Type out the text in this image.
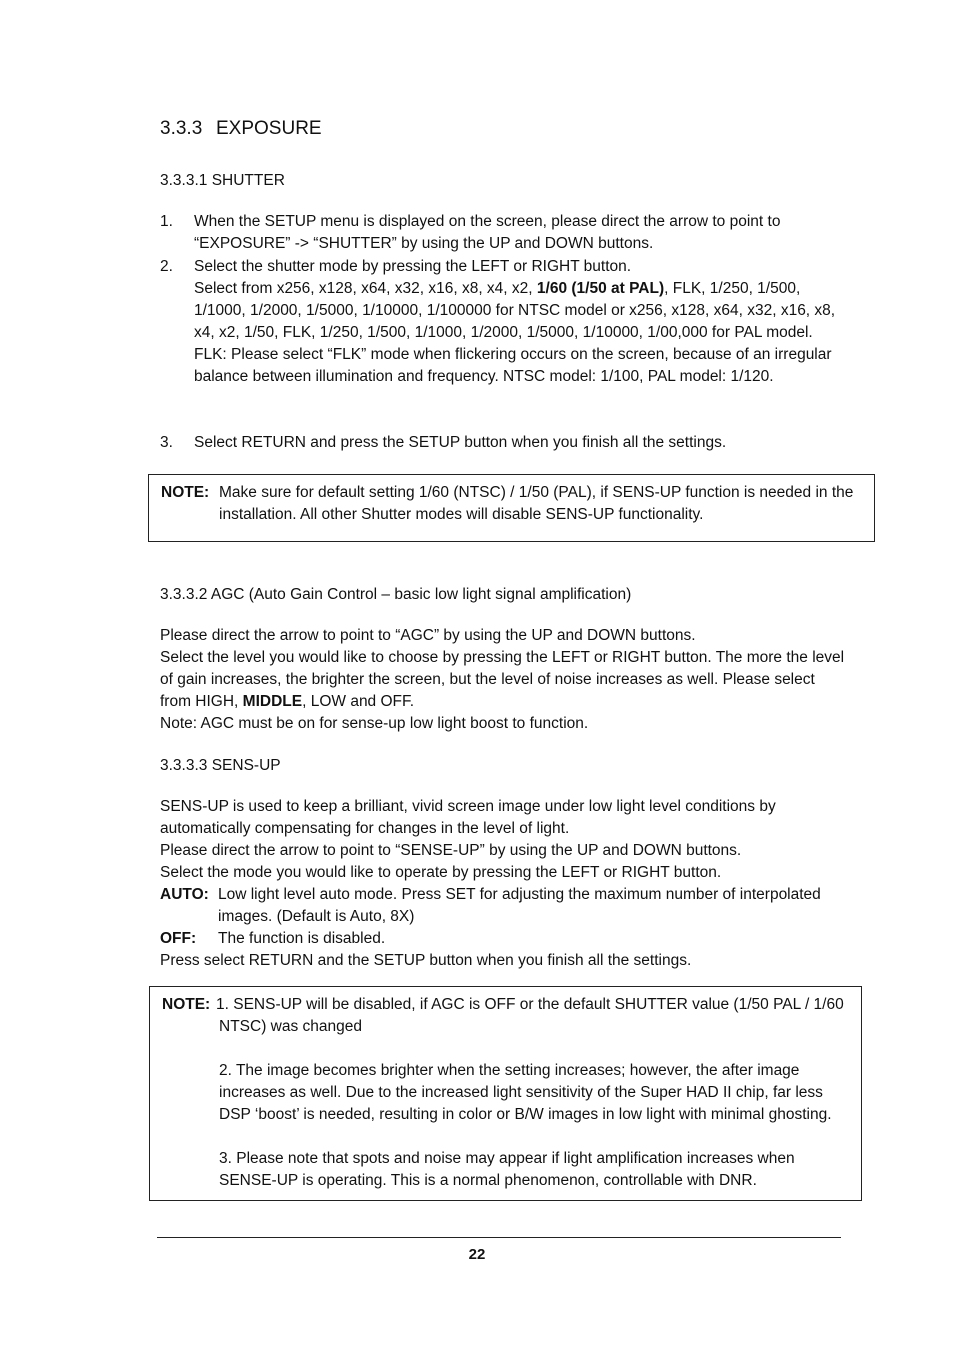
3.3.3 EXPOSURE
3.3.3.1 SHUTTER
1. When the SETUP menu is displayed on the screen, please direct the arrow to point to “EXPOSURE” -> “SHUTTER” by using the UP and DOWN buttons.
2. Select the shutter mode by pressing the LEFT or RIGHT button.
Select from x256, x128, x64, x32, x16, x8, x4, x2, 1/60 (1/50 at PAL), FLK, 1/250, 1/500, 1/1000, 1/2000, 1/5000, 1/10000, 1/100000 for NTSC model or x256, x128, x64, x32, x16, x8, x4, x2, 1/50, FLK, 1/250, 1/500, 1/1000, 1/2000, 1/5000, 1/10000, 1/00,000 for PAL model.
FLK: Please select “FLK” mode when flickering occurs on the screen, because of an irregular balance between illumination and frequency. NTSC model: 1/100, PAL model: 1/120.
3. Select RETURN and press the SETUP button when you finish all the settings.
NOTE: Make sure for default setting 1/60 (NTSC) / 1/50 (PAL), if SENS-UP function is needed in the installation. All other Shutter modes will disable SENS-UP functionality.
3.3.3.2 AGC (Auto Gain Control – basic low light signal amplification)
Please direct the arrow to point to “AGC” by using the UP and DOWN buttons.
Select the level you would like to choose by pressing the LEFT or RIGHT button. The more the level of gain increases, the brighter the screen, but the level of noise increases as well. Please select from HIGH, MIDDLE, LOW and OFF.
Note: AGC must be on for sense-up low light boost to function.
3.3.3.3 SENS-UP
SENS-UP is used to keep a brilliant, vivid screen image under low light level conditions by automatically compensating for changes in the level of light.
Please direct the arrow to point to “SENSE-UP” by using the UP and DOWN buttons.
Select the mode you would like to operate by pressing the LEFT or RIGHT button.
AUTO: Low light level auto mode. Press SET for adjusting the maximum number of interpolated images. (Default is Auto, 8X)
OFF: The function is disabled.
Press select RETURN and the SETUP button when you finish all the settings.
NOTE: 1. SENS-UP will be disabled, if AGC is OFF or the default SHUTTER value (1/50 PAL / 1/60 NTSC) was changed
2. The image becomes brighter when the setting increases; however, the after image increases as well. Due to the increased light sensitivity of the Super HAD II chip, far less DSP ‘boost’ is needed, resulting in color or B/W images in low light with minimal ghosting.
3. Please note that spots and noise may appear if light amplification increases when SENSE-UP is operating. This is a normal phenomenon, controllable with DNR.
22
